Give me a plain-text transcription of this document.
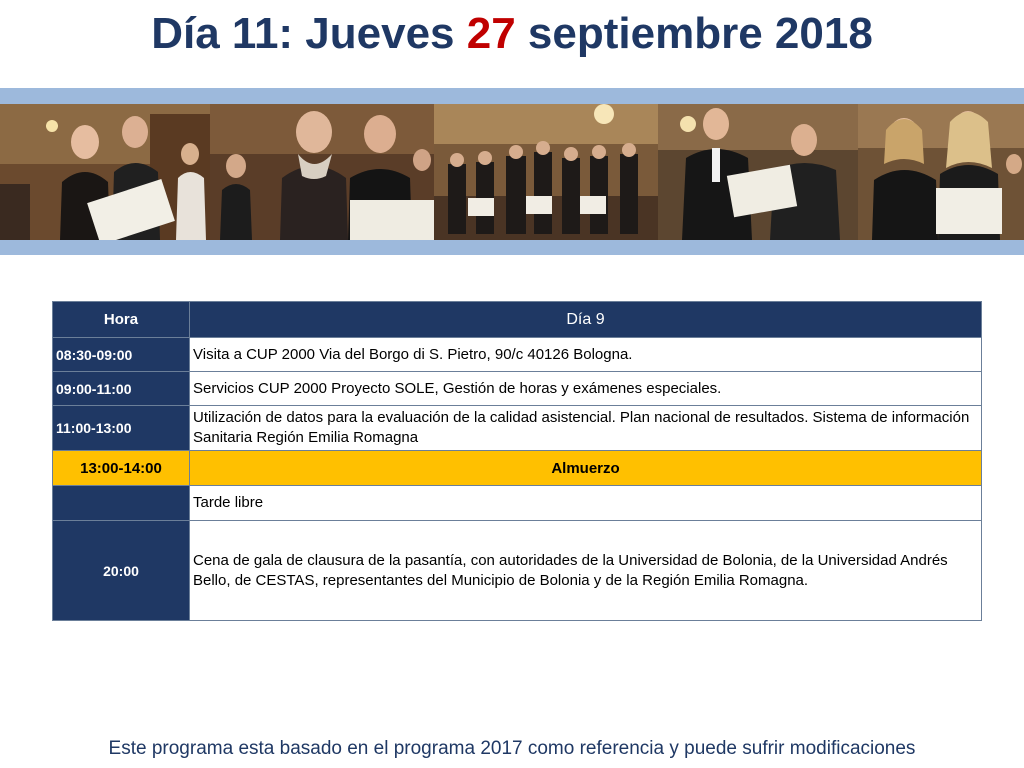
Día 11: Jueves 27 septiembre 2018
Hora	Día 9
08:30-09:00	Visita a CUP 2000 Via del Borgo di S. Pietro, 90/c 40126 Bologna.
09:00-11:00	Servicios CUP 2000 Proyecto SOLE, Gestión de horas y exámenes especiales.
11:00-13:00	Utilización de datos para la evaluación de la calidad asistencial. Plan nacional de resultados. Sistema de información Sanitaria Región Emilia Romagna
13:00-14:00	Almuerzo
	Tarde libre
20:00	Cena de gala de clausura de la pasantía, con autoridades de la Universidad de Bolonia, de la Universidad Andrés Bello, de CESTAS, representantes del Municipio de Bolonia y de la Región Emilia Romagna.
Este programa esta basado en el programa 2017 como referencia y puede sufrir modificaciones
